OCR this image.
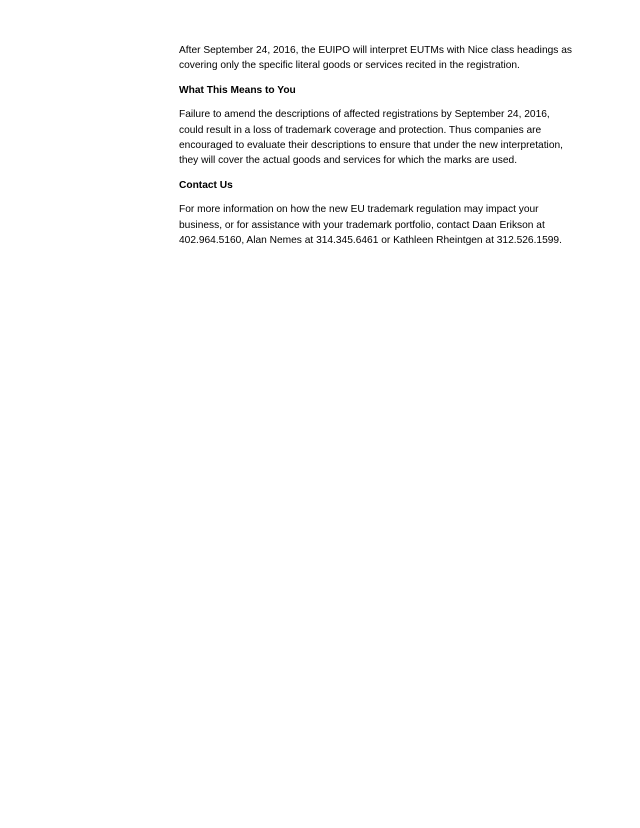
After September 24, 2016, the EUIPO will interpret EUTMs with Nice class headings as
covering only the specific literal goods or services recited in the registration.

What This Means to You

Failure to amend the descriptions of affected registrations by September 24, 2016,
could result in a loss of trademark coverage and protection. Thus companies are
encouraged to evaluate their descriptions to ensure that under the new interpretation,
they will cover the actual goods and services for which the marks are used.

Contact Us

For more information on how the new EU trademark regulation may impact your
business, or for assistance with your trademark portfolio, contact Daan Erikson at
402.964.5160, Alan Nemes at 314.345.6461 or Kathleen Rheintgen at 312.526.1599.
